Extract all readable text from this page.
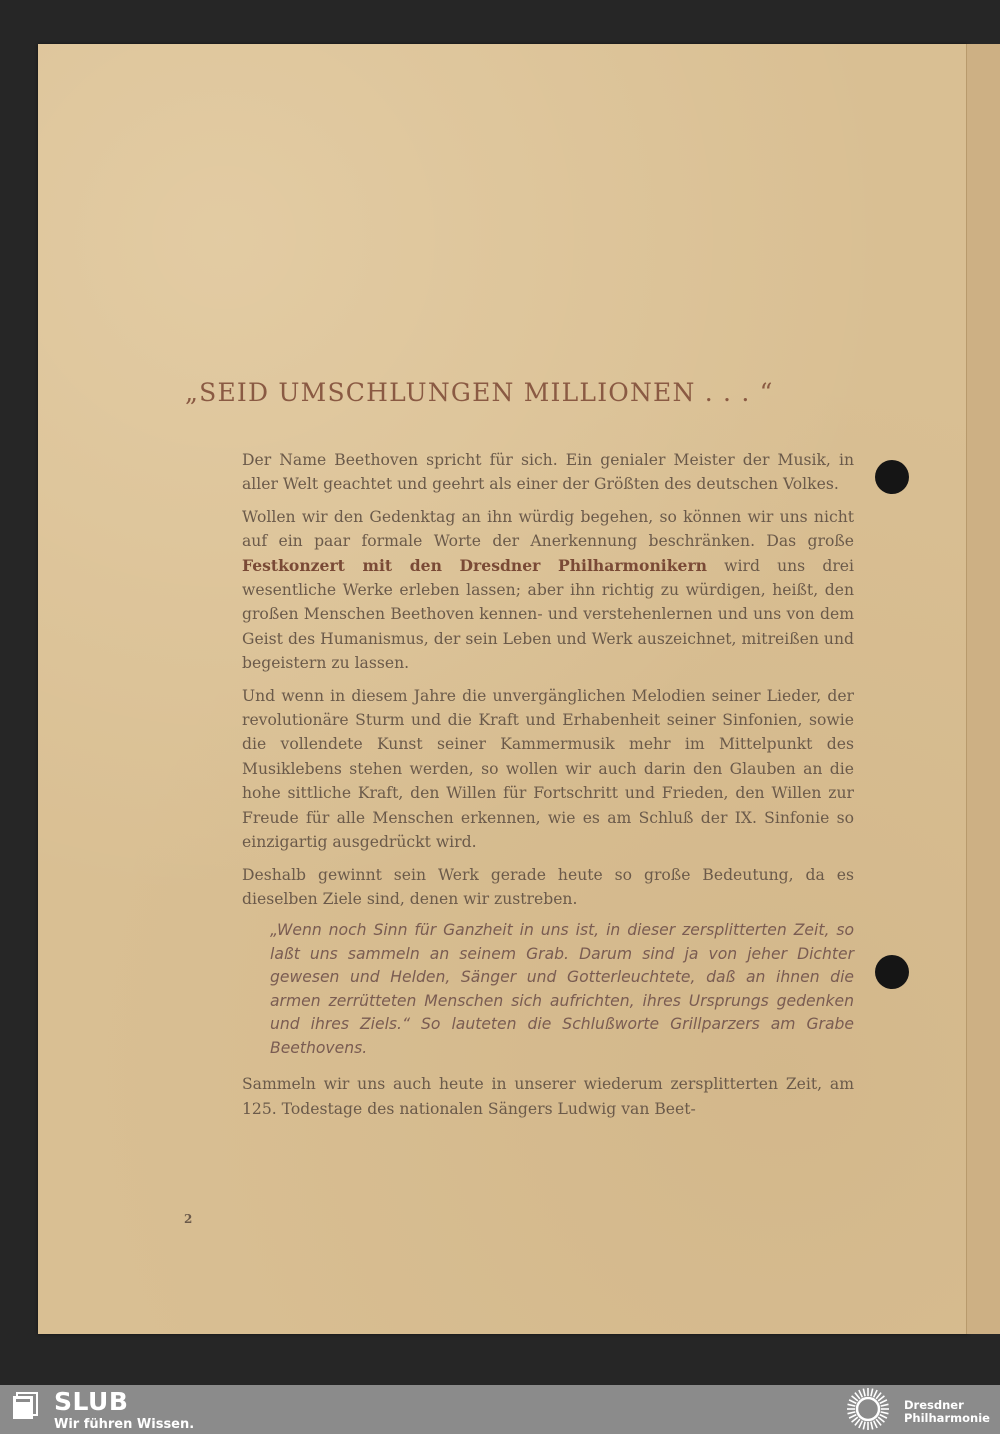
„SEID UMSCHLUNGEN MILLIONEN . . . “

Der Name Beethoven spricht für sich. Ein genialer Meister der Musik, in aller Welt geachtet und geehrt als einer der Größten des deutschen Volkes.

Wollen wir den Gedenktag an ihn würdig begehen, so können wir uns nicht auf ein paar formale Worte der Anerkennung beschränken. Das große Festkonzert mit den Dresdner Philharmonikern wird uns drei wesentliche Werke erleben lassen; aber ihn richtig zu würdigen, heißt, den großen Menschen Beethoven kennen- und verstehenlernen und uns von dem Geist des Humanismus, der sein Leben und Werk auszeichnet, mitreißen und begeistern zu lassen.

Und wenn in diesem Jahre die unvergänglichen Melodien seiner Lieder, der revolutionäre Sturm und die Kraft und Erhabenheit seiner Sinfonien, sowie die vollendete Kunst seiner Kammermusik mehr im Mittelpunkt des Musiklebens stehen werden, so wollen wir auch darin den Glauben an die hohe sittliche Kraft, den Willen für Fortschritt und Frieden, den Willen zur Freude für alle Menschen erkennen, wie es am Schluß der IX. Sinfonie so einzigartig ausgedrückt wird.

Deshalb gewinnt sein Werk gerade heute so große Bedeutung, da es dieselben Ziele sind, denen wir zustreben.

„Wenn noch Sinn für Ganzheit in uns ist, in dieser zersplitterten Zeit, so laßt uns sammeln an seinem Grab. Darum sind ja von jeher Dichter gewesen und Helden, Sänger und Gotterleuchtete, daß an ihnen die armen zerrütteten Menschen sich aufrichten, ihres Ursprungs gedenken und ihres Ziels.“ So lauteten die Schlußworte Grillparzers am Grabe Beethovens.

Sammeln wir uns auch heute in unserer wiederum zersplitterten Zeit, am 125. Todestage des nationalen Sängers Ludwig van Beet-

2
SLUB
Wir führen Wissen.
Dresdner
Philharmonie
